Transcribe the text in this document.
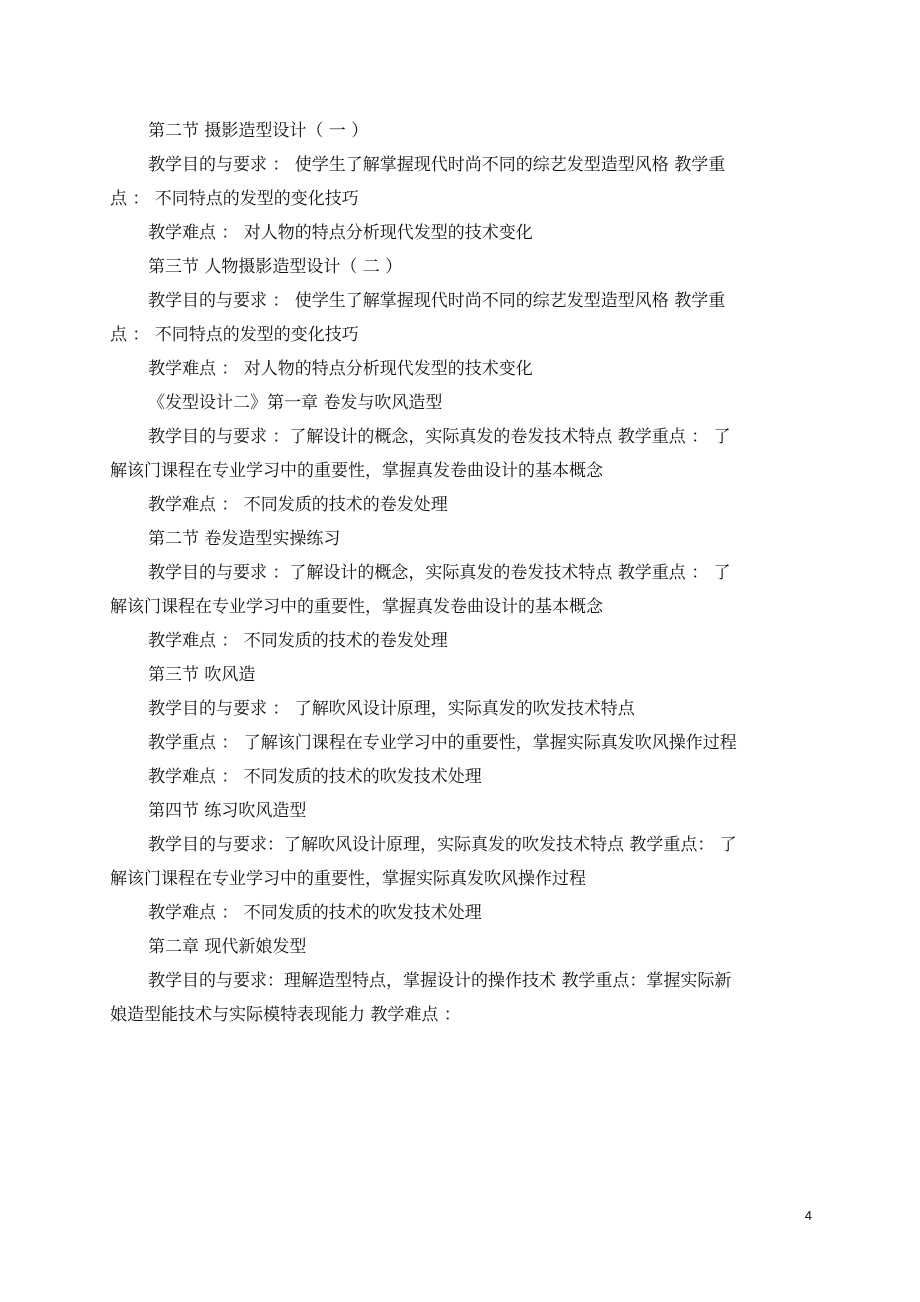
第二节 摄影造型设计（ 一 ）
教学目的与要求 ： 使学生了解掌握现代时尚不同的综艺发型造型风格 教学重
点 ： 不同特点的发型的变化技巧
教学难点 ： 对人物的特点分析现代发型的技术变化
第三节 人物摄影造型设计（ 二 ）
教学目的与要求 ： 使学生了解掌握现代时尚不同的综艺发型造型风格 教学重
点 ： 不同特点的发型的变化技巧
教学难点 ： 对人物的特点分析现代发型的技术变化
《发型设计二》第一章 卷发与吹风造型
教学目的与要求 ：了解设计的概念，实际真发的卷发技术特点 教学重点 ： 了
解该门课程在专业学习中的重要性，掌握真发卷曲设计的基本概念
教学难点 ： 不同发质的技术的卷发处理
第二节 卷发造型实操练习
教学目的与要求 ：了解设计的概念，实际真发的卷发技术特点 教学重点 ： 了
解该门课程在专业学习中的重要性，掌握真发卷曲设计的基本概念
教学难点 ： 不同发质的技术的卷发处理
第三节 吹风造
教学目的与要求 ： 了解吹风设计原理，实际真发的吹发技术特点
教学重点 ： 了解该门课程在专业学习中的重要性，掌握实际真发吹风操作过程
教学难点 ： 不同发质的技术的吹发技术处理
第四节 练习吹风造型
教学目的与要求：了解吹风设计原理，实际真发的吹发技术特点 教学重点： 了
解该门课程在专业学习中的重要性，掌握实际真发吹风操作过程
教学难点 ： 不同发质的技术的吹发技术处理
第二章 现代新娘发型
教学目的与要求：理解造型特点，掌握设计的操作技术 教学重点：掌握实际新
娘造型能技术与实际模特表现能力 教学难点 ：
4
